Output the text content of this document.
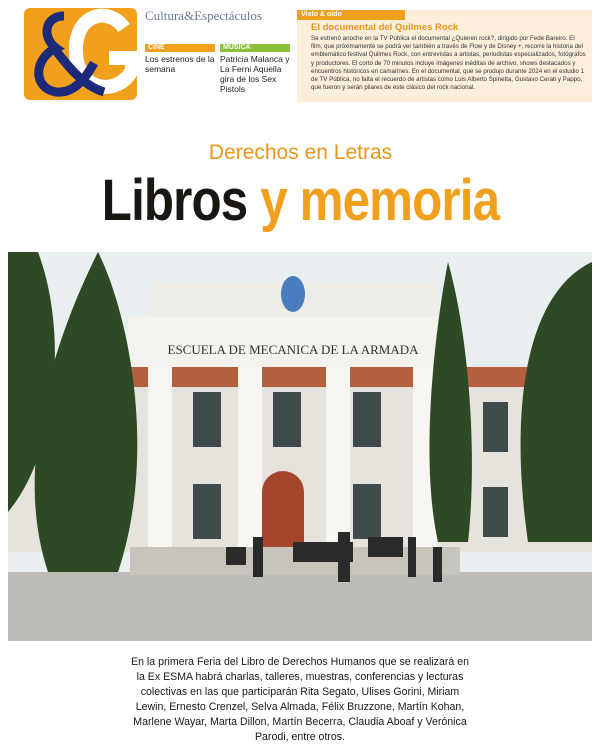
Cultura&Espectáculos
CINE
Los estrenos de la semana
MUSICA
Patricia Malanca y La Ferni Aquella gira de los Sex Pistols
Visto & oído
El documental del Quilmes Rock

Se estrenó anoche en la TV Pública el documental ¿Quieren rock?, dirigido por Fede Bareiro. El film, que próximamente se podrá ver también a través de Flow y de Disney +, recorre la historia del emblemático festival Quilmes Rock, con entrevistas a artistas, periodistas especializados, fotógrafos y productores. El corto de 70 minutos incluye imágenes inéditas de archivo, shows destacados y encuentros históricos en camarines. En el documental, que se produjo durante 2024 en el estudio 1 de TV Pública, no falta el recuerdo de artistas como Luis Alberto Spinetta, Gustavo Cerati y Pappo, que fueron y serán pilares de este clásico del rock nacional.

Derechos en Letras
Libros y memoria
ESCUELA DE MECANICA DE LA ARMADA
En la primera Feria del Libro de Derechos Humanos que se realizará en la Ex ESMA habrá charlas, talleres, muestras, conferencias y lecturas colectivas en las que participarán Rita Segato, Ulises Gorini, Miriam Lewin, Ernesto Crenzel, Selva Almada, Félix Bruzzone, Martín Kohan, Marlene Wayar, Marta Dillon, Martín Becerra, Claudia Aboaf y Verónica Parodi, entre otros.
